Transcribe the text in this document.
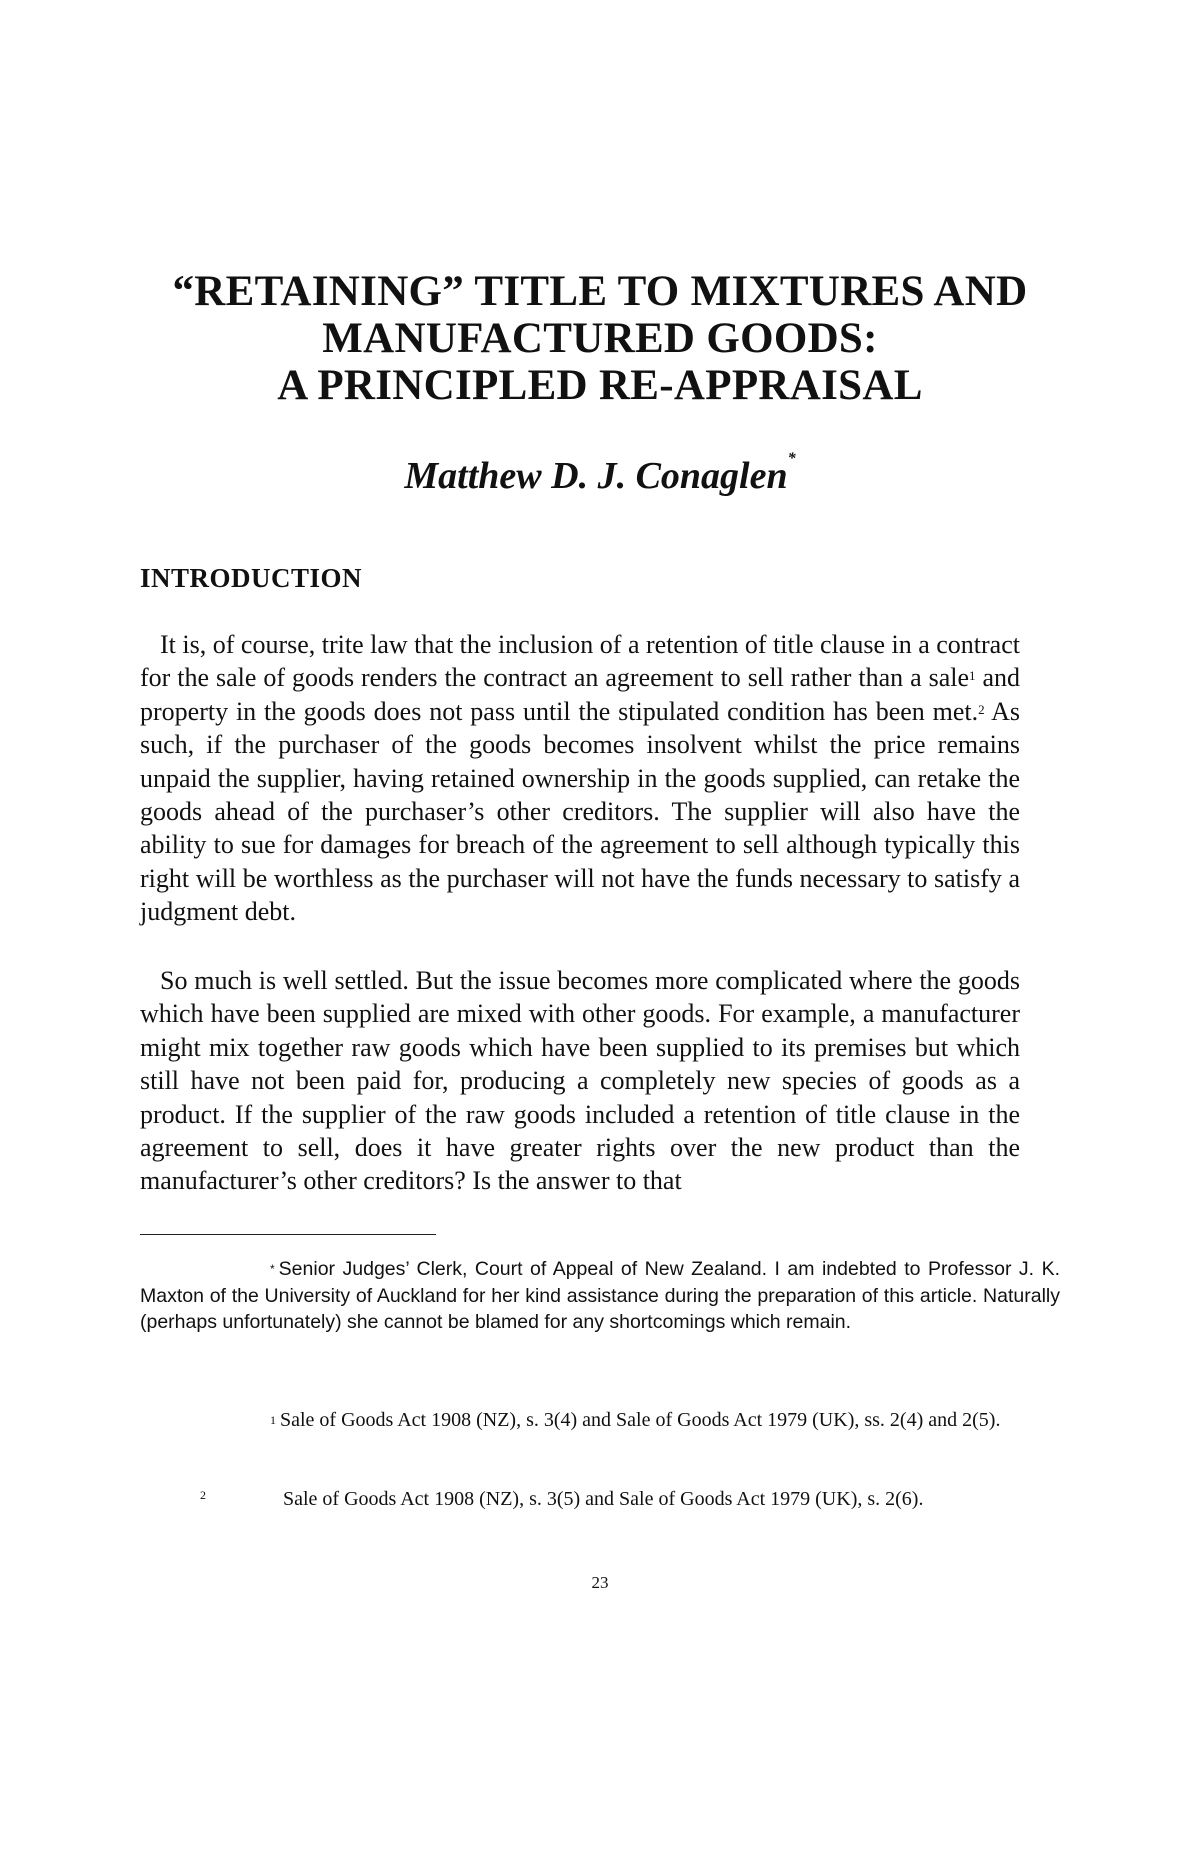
“RETAINING” TITLE TO MIXTURES AND
MANUFACTURED GOODS:
A PRINCIPLED RE-APPRAISAL
Matthew D. J. Conaglen*
INTRODUCTION

It is, of course, trite law that the inclusion of a retention of title clause in a contract for the sale of goods renders the contract an agreement to sell rather than a sale$^1$ and property in the goods does not pass until the stipulated condition has been met.$^2$ As such, if the purchaser of the goods becomes insolvent whilst the price remains unpaid the supplier, having retained ownership in the goods supplied, can retake the goods ahead of the purchaser’s other creditors. The supplier will also have the ability to sue for damages for breach of the agreement to sell although typically this right will be worthless as the purchaser will not have the funds necessary to satisfy a judgment debt.

So much is well settled. But the issue becomes more complicated where the goods which have been supplied are mixed with other goods. For example, a manufacturer might mix together raw goods which have been supplied to its premises but which still have not been paid for, producing a completely new species of goods as a product. If the supplier of the raw goods included a retention of title clause in the agreement to sell, does it have greater rights over the new product than the manufacturer’s other creditors? Is the answer to that

* Senior Judges’ Clerk, Court of Appeal of New Zealand. I am indebted to Professor J. K. Maxton of the University of Auckland for her kind assistance during the preparation of this article. Naturally (perhaps unfortunately) she cannot be blamed for any shortcomings which remain.
1 Sale of Goods Act 1908 (NZ), s. 3(4) and Sale of Goods Act 1979 (UK), ss. 2(4) and 2(5).
2	Sale of Goods Act 1908 (NZ), s. 3(5) and Sale of Goods Act 1979 (UK), s. 2(6).
23
